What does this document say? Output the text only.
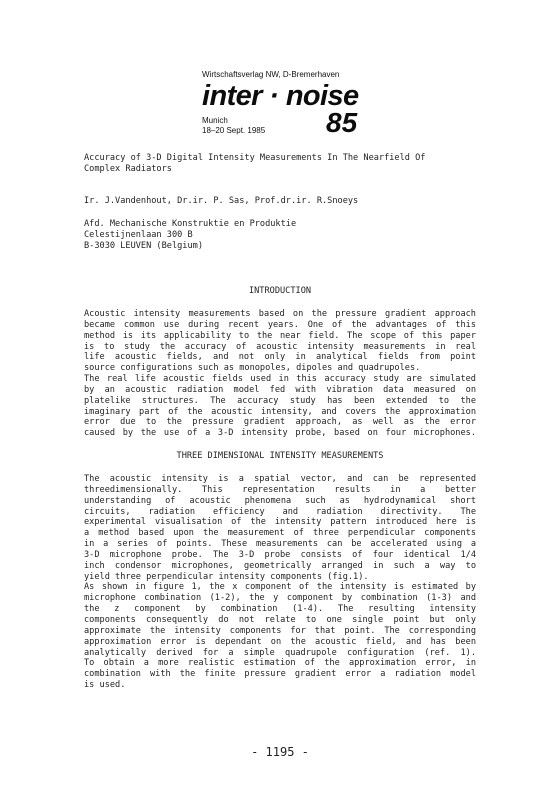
Wirtschaftsverlag NW, D-Bremerhaven
inter · noise
Munich
18–20 Sept. 1985 85
Accuracy of 3-D Digital Intensity Measurements In The Nearfield Of
Complex Radiators
Ir. J.Vandenhout, Dr.ir. P. Sas, Prof.dr.ir. R.Snoeys
Afd. Mechanische Konstruktie en Produktie
Celestijnenlaan 300 B
B-3030 LEUVEN (Belgium)
INTRODUCTION
Acoustic intensity measurements based on the pressure gradient approach
became common use during recent years. One of the advantages of this
method is its applicability to the near field. The scope of this paper
is to study the accuracy of acoustic intensity measurements in real
life acoustic fields, and not only in analytical fields from point
source configurations such as monopoles, dipoles and quadrupoles.
The real life acoustic fields used in this accuracy study are simulated
by an acoustic radiation model fed with vibration data measured on
platelike structures. The accuracy study has been extended to the
imaginary part of the acoustic intensity, and covers the approximation
error due to the pressure gradient approach, as well as the error
caused by the use of a 3-D intensity probe, based on four microphones.
THREE DIMENSIONAL INTENSITY MEASUREMENTS
The acoustic intensity is a spatial vector, and can be represented
threedimensionally. This representation results in a better
understanding of acoustic phenomena such as hydrodynamical short
circuits, radiation efficiency and radiation directivity. The
experimental visualisation of the intensity pattern introduced here is
a method based upon the measurement of three perpendicular components
in a series of points. These measurements can be accelerated using a
3-D microphone probe. The 3-D probe consists of four identical 1/4
inch condensor microphones, geometrically arranged in such a way to
yield three perpendicular intensity components (fig.1).
As shown in figure 1, the x component of the intensity is estimated by
microphone combination (1-2), the y component by combination (1-3) and
the z component by combination (1-4). The resulting intensity
components consequently do not relate to one single point but only
approximate the intensity components for that point. The corresponding
approximation error is dependant on the acoustic field, and has been
analytically derived for a simple quadrupole configuration (ref. 1).
To obtain a more realistic estimation of the approximation error, in
combination with the finite pressure gradient error a radiation model
is used.
- 1195 -
